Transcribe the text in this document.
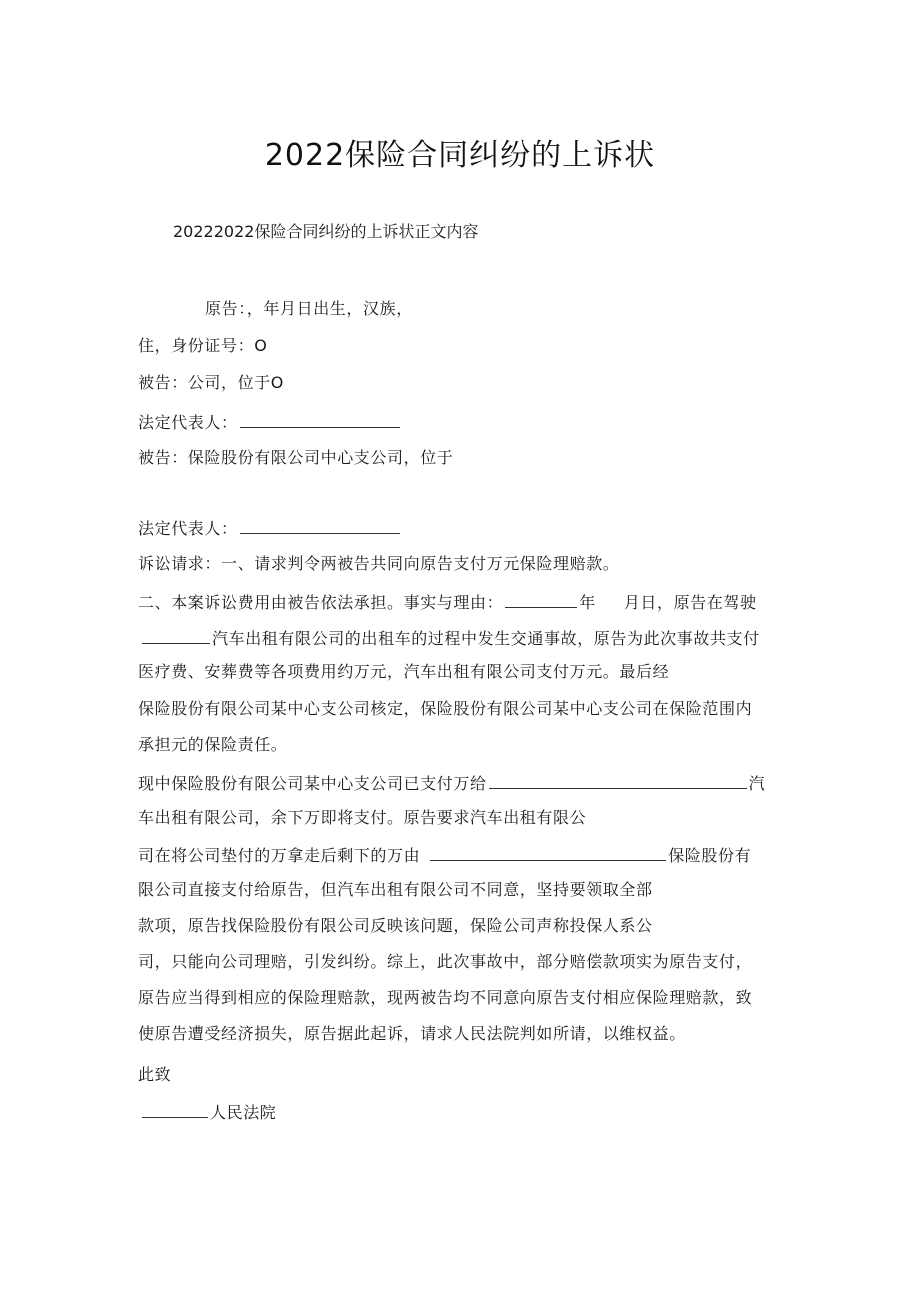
2022保险合同纠纷的上诉状
20222022保险合同纠纷的上诉状正文内容
原告：，年月日出生，汉族，
住，身份证号：O
被告：公司，位于O
法定代表人：
被告：保险股份有限公司中心支公司，位于
法定代表人：
诉讼请求：一、请求判令两被告共同向原告支付万元保险理赔款。
二、本案诉讼费用由被告依法承担。事实与理由：	年 月日，原告在驾驶
汽车出租有限公司的出租车的过程中发生交通事故，原告为此次事故共支付
医疗费、安葬费等各项费用约万元，汽车出租有限公司支付万元。最后经
保险股份有限公司某中心支公司核定，保险股份有限公司某中心支公司在保险范围内
承担元的保险责任。
现中保险股份有限公司某中心支公司已支付万给	汽
车出租有限公司，余下万即将支付。原告要求汽车出租有限公
司在将公司垫付的万拿走后剩下的万由	保险股份有
限公司直接支付给原告，但汽车出租有限公司不同意，坚持要领取全部
款项，原告找保险股份有限公司反映该问题，保险公司声称投保人系公
司，只能向公司理赔，引发纠纷。综上，此次事故中，部分赔偿款项实为原告支付，
原告应当得到相应的保险理赔款，现两被告均不同意向原告支付相应保险理赔款，致
使原告遭受经济损失，原告据此起诉，请求人民法院判如所请，以维权益。
此致
人民法院
